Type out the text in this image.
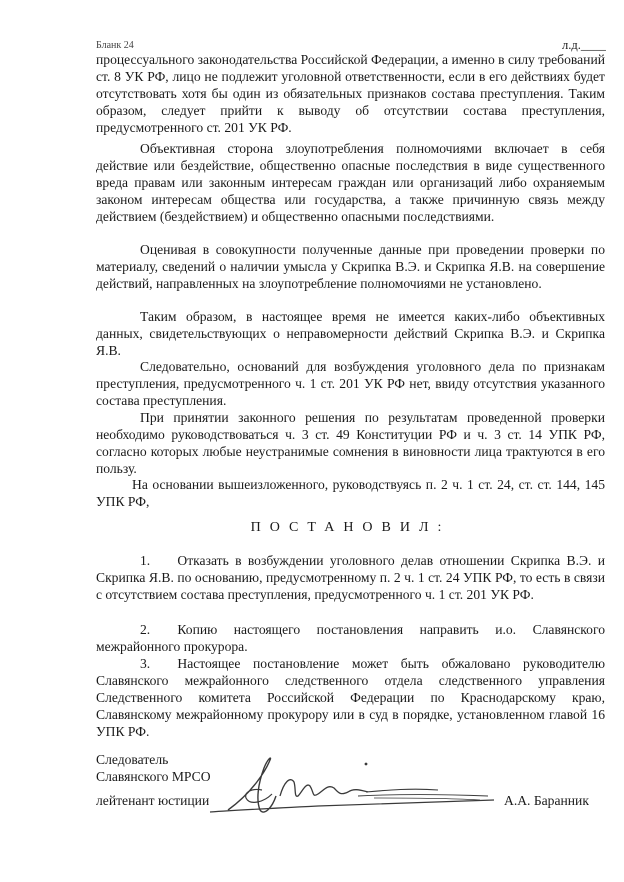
Бланк 24	л.д.____

процессуального законодательства Российской Федерации, а именно в силу требований ст. 8 УК РФ, лицо не подлежит уголовной ответственности, если в его действиях будет отсутствовать хотя бы один из обязательных признаков состава преступления. Таким образом, следует прийти к выводу об отсутствии состава преступления, предусмотренного ст. 201 УК РФ.

Объективная сторона злоупотребления полномочиями включает в себя действие или бездействие, общественно опасные последствия в виде существенного вреда правам или законным интересам граждан или организаций либо охраняемым законом интересам общества или государства, а также причинную связь между действием (бездействием) и общественно опасными последствиями.

Оценивая в совокупности полученные данные при проведении проверки по материалу, сведений о наличии умысла у Скрипка В.Э. и Скрипка Я.В. на совершение действий, направленных на злоупотребление полномочиями не установлено.

Таким образом, в настоящее время не имеется каких-либо объективных данных, свидетельствующих о неправомерности действий Скрипка В.Э. и Скрипка Я.В.

Следовательно, оснований для возбуждения уголовного дела по признакам преступления, предусмотренного ч. 1 ст. 201 УК РФ нет, ввиду отсутствия указанного состава преступления.

При принятии законного решения по результатам проведенной проверки необходимо руководствоваться ч. 3 ст. 49 Конституции РФ и ч. 3 ст. 14 УПК РФ, согласно которых любые неустранимые сомнения в виновности лица трактуются в его пользу.

На основании вышеизложенного, руководствуясь п. 2 ч. 1 ст. 24, ст. ст. 144, 145 УПК РФ,

ПОСТАНОВИЛ:

1.  Отказать в возбуждении уголовного делав отношении Скрипка В.Э. и Скрипка Я.В. по основанию, предусмотренному п. 2 ч. 1 ст. 24 УПК РФ, то есть в связи с отсутствием состава преступления, предусмотренного ч. 1 ст. 201 УК РФ.

2.  Копию настоящего постановления направить и.о. Славянского межрайонного прокурора.

3.  Настоящее постановление может быть обжаловано руководителю Славянского межрайонного следственного отдела следственного управления Следственного комитета Российской Федерации по Краснодарскому краю, Славянскому межрайонному прокурору или в суд в порядке, установленном главой 16 УПК РФ.

Следователь
Славянского МРСО
лейтенант юстиции	А.А. Баранник
